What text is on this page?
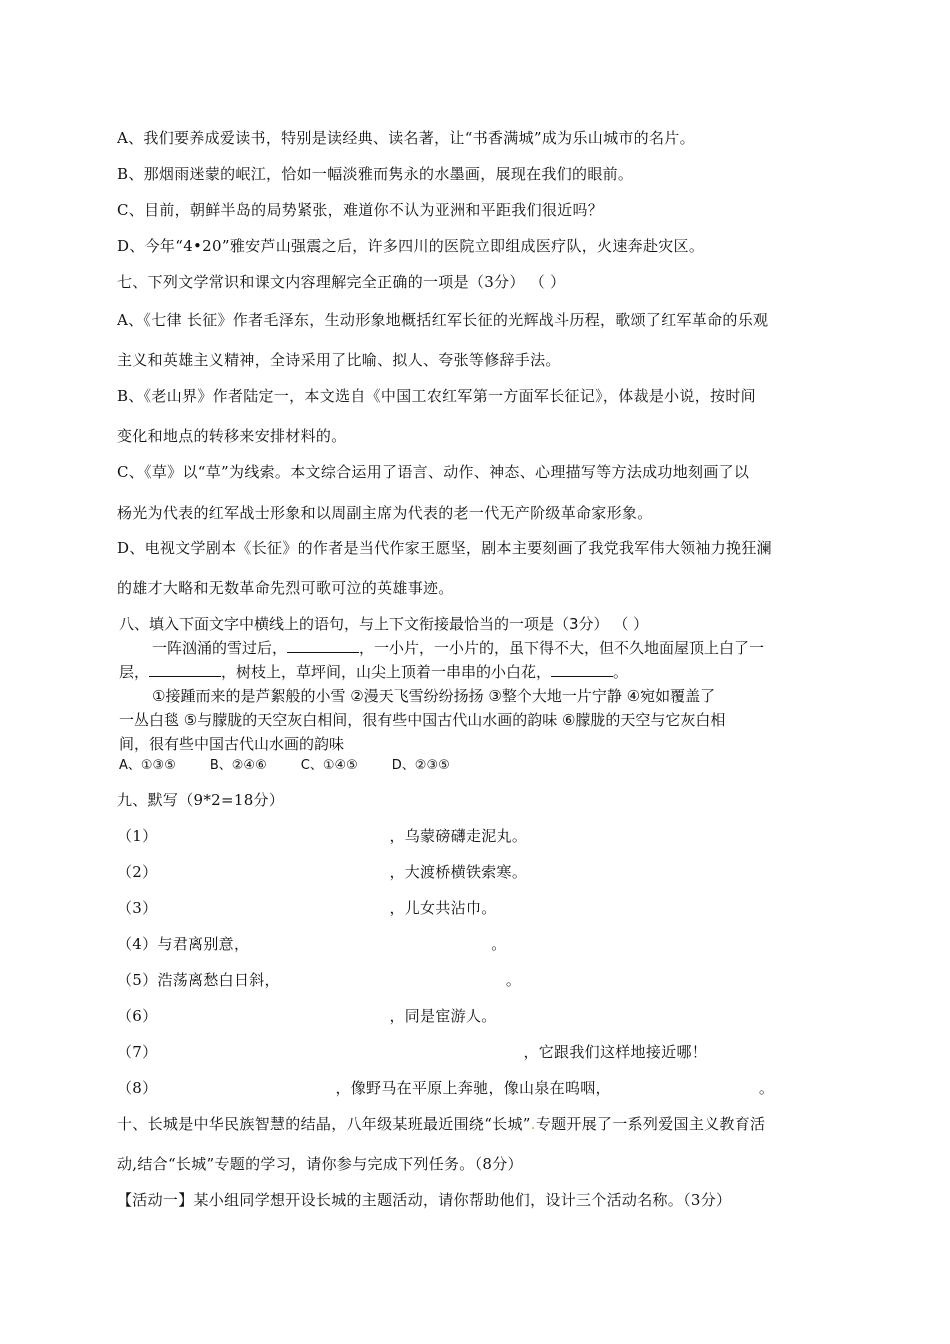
A、我们要养成爱读书，特别是读经典、读名著，让“书香满城”成为乐山城市的名片。
B、那烟雨迷蒙的岷江，恰如一幅淡雅而隽永的水墨画，展现在我们的眼前。
C、目前，朝鲜半岛的局势紧张，难道你不认为亚洲和平距我们很近吗？
D、今年“4•20”雅安芦山强震之后，许多四川的医院立即组成医疗队，火速奔赴灾区。
七、下列文学常识和课文内容理解完全正确的一项是（3分） （ ）
A、《七律 长征》作者毛泽东，生动形象地概括红军长征的光辉战斗历程，歌颂了红军革命的乐观
主义和英雄主义精神，全诗采用了比喻、拟人、夸张等修辞手法。
B、《老山界》作者陆定一，本文选自《中国工农红军第一方面军长征记》，体裁是小说，按时间
变化和地点的转移来安排材料的。
C、《草》以“草”为线索。本文综合运用了语言、动作、神态、心理描写等方法成功地刻画了以
杨光为代表的红军战士形象和以周副主席为代表的老一代无产阶级革命家形象。
D、电视文学剧本《长征》的作者是当代作家王愿坚，剧本主要刻画了我党我军伟大领袖力挽狂澜
的雄才大略和无数革命先烈可歌可泣的英雄事迹。
八、填入下面文字中横线上的语句，与上下文衔接最恰当的一项是（3分） （ ）
一阵汹涌的雪过后，	，一小片，一小片的，虽下得不大，但不久地面屋顶上白了一
层，	，树枝上，草坪间，山尖上顶着一串串的小白花，	。
①接踵而来的是芦絮般的小雪 ②漫天飞雪纷纷扬扬 ③整个大地一片宁静 ④宛如覆盖了
一丛白毯 ⑤与朦胧的天空灰白相间，很有些中国古代山水画的韵味 ⑥朦胧的天空与它灰白相
间，很有些中国古代山水画的韵味
A、①③⑤	B、②④⑥	C、①④⑤	D、②③⑤
九、默写（9*2=18分）
（1）	，乌蒙磅礴走泥丸。
（2）	，大渡桥横铁索寒。
（3）	，儿女共沾巾。
（4）与君离别意，	。
（5）浩荡离愁白日斜，	。
（6）	，同是宦游人。
（7）	，它跟我们这样地接近哪！
（8）	，像野马在平原上奔驰，像山泉在呜咽，	。
十、长城是中华民族智慧的结晶，八年级某班最近围绕“长城”.专题开展了一系列爱国主义教育活
动,结合“长城”专题的学习，请你参与完成下列任务。（8分）
【活动一】某小组同学想开设长城的主题活动，请你帮助他们，设计三个活动名称。（3分）
